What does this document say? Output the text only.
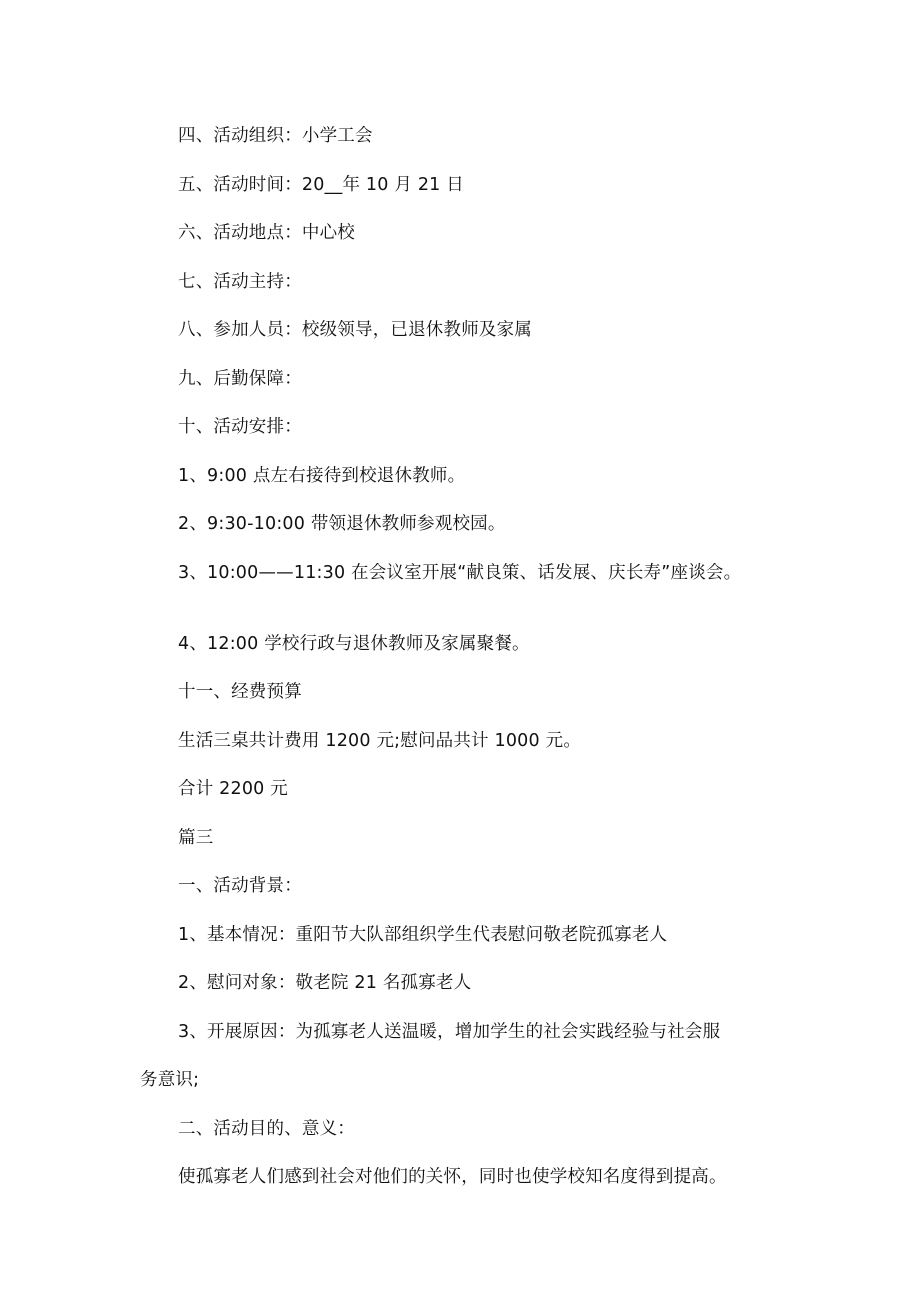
四、活动组织：小学工会
五、活动时间：20__年 10 月 21 日
六、活动地点：中心校
七、活动主持：
八、参加人员：校级领导，已退休教师及家属
九、后勤保障：
十、活动安排：
1、9:00 点左右接待到校退休教师。
2、9:30-10:00 带领退休教师参观校园。
3、10:00——11:30 在会议室开展“献良策、话发展、庆长寿”座谈会。
4、12:00 学校行政与退休教师及家属聚餐。
十一、经费预算
生活三桌共计费用 1200 元;慰问品共计 1000 元。
合计 2200 元
篇三
一、活动背景：
1、基本情况：重阳节大队部组织学生代表慰问敬老院孤寡老人
2、慰问对象：敬老院 21 名孤寡老人
3、开展原因：为孤寡老人送温暖，增加学生的社会实践经验与社会服
务意识;
二、活动目的、意义：
使孤寡老人们感到社会对他们的关怀，同时也使学校知名度得到提高。
